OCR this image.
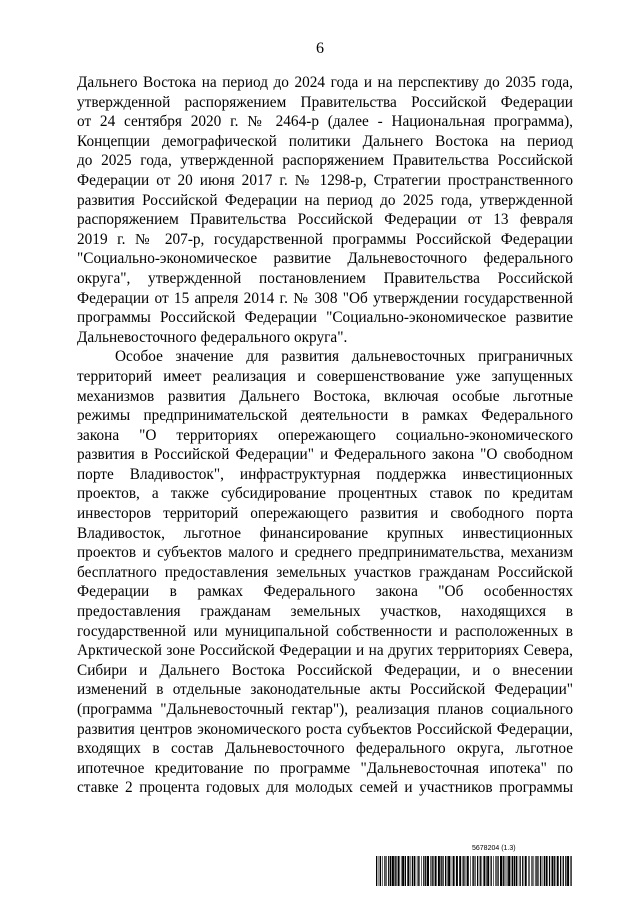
6
Дальнего Востока на период до 2024 года и на перспективу до 2035 года,
утвержденной распоряжением Правительства Российской Федерации
от 24 сентября 2020 г. № 2464-р (далее - Национальная программа),
Концепции демографической политики Дальнего Востока на период
до 2025 года, утвержденной распоряжением Правительства Российской
Федерации от 20 июня 2017 г. № 1298-р, Стратегии пространственного
развития Российской Федерации на период до 2025 года, утвержденной
распоряжением Правительства Российской Федерации от 13 февраля
2019 г. № 207-р, государственной программы Российской Федерации
"Социально-экономическое развитие Дальневосточного федерального
округа", утвержденной постановлением Правительства Российской
Федерации от 15 апреля 2014 г. № 308 "Об утверждении государственной
программы Российской Федерации "Социально-экономическое развитие
Дальневосточного федерального округа".
Особое значение для развития дальневосточных приграничных
территорий имеет реализация и совершенствование уже запущенных
механизмов развития Дальнего Востока, включая особые льготные
режимы предпринимательской деятельности в рамках Федерального
закона "О территориях опережающего социально-экономического
развития в Российской Федерации" и Федерального закона "О свободном
порте Владивосток", инфраструктурная поддержка инвестиционных
проектов, а также субсидирование процентных ставок по кредитам
инвесторов территорий опережающего развития и свободного порта
Владивосток, льготное финансирование крупных инвестиционных
проектов и субъектов малого и среднего предпринимательства, механизм
бесплатного предоставления земельных участков гражданам Российской
Федерации в рамках Федерального закона "Об особенностях
предоставления гражданам земельных участков, находящихся в
государственной или муниципальной собственности и расположенных в
Арктической зоне Российской Федерации и на других территориях Севера,
Сибири и Дальнего Востока Российской Федерации, и о внесении
изменений в отдельные законодательные акты Российской Федерации"
(программа "Дальневосточный гектар"), реализация планов социального
развития центров экономического роста субъектов Российской Федерации,
входящих в состав Дальневосточного федерального округа, льготное
ипотечное кредитование по программе "Дальневосточная ипотека" по
ставке 2 процента годовых для молодых семей и участников программы
5678204 (1.3)
